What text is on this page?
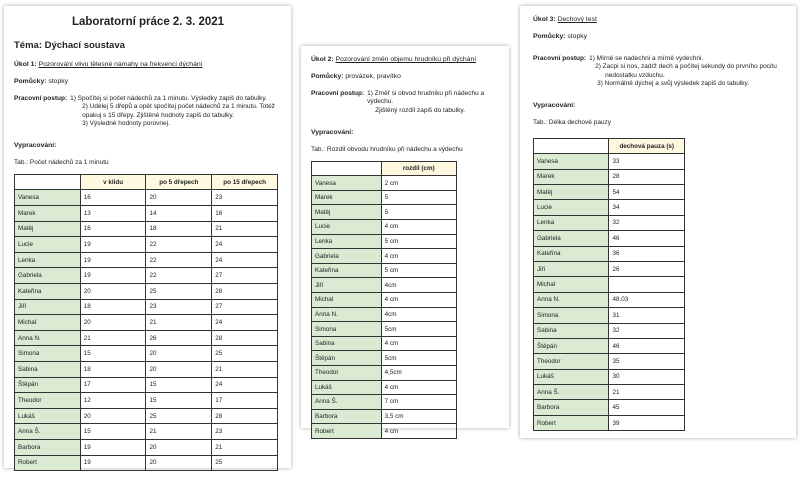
Laboratorní práce 2. 3. 2021
Téma: Dýchací soustava
Úkol 1: Pozorování vlivu tělesné námahy na frekvenci dýchání
Pomůcky: stopky
Pracovní postup: 1) Spočítej si počet nádechů za 1 minutu. Výsledky zapiš do tabulky.
2) Udělej 5 dřepů a opět spočítej počet nádechů za 1 minutu. Totéž
opakuj s 15 dřepy. Zjištěné hodnoty zapiš do tabulky.
3) Výsledné hodnoty porovnej.
Vypracování:
Tab.: Počet nádechů za 1 minutu
	v klidu	po 5 dřepech	po 15 dřepech
Vanesa	16	20	23
Marek	13	14	16
Matěj	16	18	21
Lucie	19	22	24
Lenka	19	22	24
Gabriela	19	22	27
Kateřina	20	25	28
Jiří	18	23	27
Michal	20	21	24
Anna N.	21	26	28
Simona	15	20	25
Sabina	18	20	21
Štěpán	17	15	24
Theodor	12	15	17
Lukáš	20	25	28
Anna Š.	15	21	23
Barbora	19	20	21
Robert	19	20	25
Úkol 2: Pozorování změn objemu hrudníku při dýchání
Pomůcky: provázek, pravítko
Pracovní postup: 1) Změř si obvod hrudníku při nádechu a výdechu.
Zjištěný rozdíl zapiš do tabulky.
Vypracování:
Tab.: Rozdíl obvodu hrudníku při nádechu a výdechu
	rozdíl (cm)
Vanesa	2 cm
Marek	5
Matěj	5
Lucie	4 cm
Lenka	5 cm
Gabriela	4 cm
Kateřina	5 cm
Jiří	4cm
Michal	4 cm
Anna N.	4cm
Simona	5cm
Sabina	4 cm
Štěpán	5cm
Theodor	4,5cm
Lukáš	4 cm
Anna Š.	7 cm
Barbora	3,5 cm
Robert	4 cm
Úkol 3: Dechový test
Pomůcky: stopky
Pracovní postup: 1) Mírně se nadechni a mírně vydechni.
2) Zacpi si nos, zadrž dech a počítej sekundy do prvního pocitu
nedostatku vzduchu.
3) Normálně dýchej a svůj výsledek zapiš do tabulky.
Vypracování:
Tab.: Délka dechové pauzy
	dechová pauza (s)
Vanesa	33
Marek	28
Matěj	54
Lucie	34
Lenka	32
Gabriela	46
Kateřina	36
Jiří	26
Michal	
Anna N.	48.03
Simona	31
Sabina	32
Štěpán	46
Theodor	35
Lukáš	30
Anna Š.	21
Barbora	45
Robert	39
